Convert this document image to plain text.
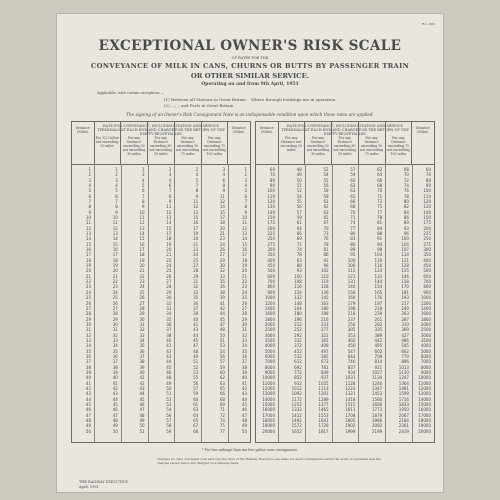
R.L. 003
EXCEPTIONAL OWNER'S RISK SCALE
OF RATES FOR THE
CONVEYANCE OF MILK IN CANS, CHURNS OR BUTTS BY PASSENGER TRAIN
OR OTHER SIMILAR SERVICE.
Operating on and from 9th April, 1951
Applicable, with certain exceptions —
(1) Between all Stations in Great Britain. Where through bookings are in operation.
(2) „ „ „ and Ports in Great Britain.
The signing of an Owner's Risk Consignment Note is an indispensable condition upon which these rates are applied.
RATE FOR CONVEYANCE, INCLUDING STATION AND SERVICE TERMINALS AT EACH END AND CHARGE FOR THE RETURN OF THE EMPTY RECEPTACLES
Distance (Miles)
For 1/2 Gallon not exceeding 20 miles
For any Distance exceeding 20 not exceeding 30 miles
For any Distance exceeding 30 not exceeding 50 miles
For any Distance exceeding 50 not exceeding 75 miles
For any Distance exceeding 75 not exceeding 100 miles
Distance (Miles)
1	1	1	2	2	3	1
2	2	3	3	4	4	2
3	3	4	4	5	6	3
4	4	5	6	7	8	4
5	5	6	7	8	9	5
6	6	7	8	9	11	6
7	7	8	9	11	12	7
8	8	9	11	12	14	8
9	9	10	12	13	15	9
10	10	11	13	15	17	10
11	11	12	14	16	18	11
12	12	13	15	17	20	12
13	13	14	17	19	21	13
14	14	15	18	20	23	14
15	15	16	19	21	24	15
16	16	17	20	23	26	16
17	17	18	21	24	27	17
18	18	19	22	25	29	18
19	19	20	24	27	30	19
20	20	21	25	28	32	20
21	21	22	26	29	33	21
22	22	23	27	31	35	22
23	23	24	28	32	36	23
24	24	25	29	33	38	24
25	25	26	30	35	39	25
26	26	27	32	36	41	26
27	27	28	33	37	42	27
28	28	29	34	39	44	28
29	29	30	35	40	45	29
30	30	31	36	41	47	30
31	31	32	37	43	48	31
32	32	33	38	44	50	32
33	33	34	40	45	51	33
34	34	35	41	47	53	34
35	35	36	42	48	54	35
36	36	37	43	49	56	36
37	37	38	44	51	57	37
38	38	39	45	52	59	38
39	39	40	46	53	60	39
40	40	41	48	55	62	40
41	41	42	49	56	63	41
42	42	43	50	57	65	42
43	43	44	51	59	66	43
44	44	45	52	60	68	44
45	45	46	53	61	69	45
46	46	47	54	63	71	46
47	47	48	56	64	72	47
48	48	49	57	65	74	48
49	49	50	58	67	75	49
50	50	51	59	68	77	50
RATE FOR CONVEYANCE, INCLUDING STATION AND SERVICE TERMINALS AT EACH END AND CHARGE FOR THE RETURN OF THE EMPTY RECEPTACLES
Distance (Miles)
For any Distance not exceeding 20 miles
For any Distance exceeding 20 not exceeding 30 miles
For any Distance exceeding 30 not exceeding 50 miles
For any Distance exceeding 50 not exceeding 75 miles
For any Distance exceeding 75 not exceeding 100 miles
Distance (Miles)
60	48	52	57	62	68	60
70	49	54	59	64	70	70
80	50	55	60	66	72	80
90	51	56	62	68	74	90
100	52	58	63	70	76	100
110	54	59	65	71	78	110
120	55	61	66	73	80	120
130	56	62	68	75	82	130
140	57	63	70	77	84	140
150	59	65	71	78	86	150
175	61	67	74	81	89	175
200	64	70	77	84	93	200
225	66	73	80	88	96	225
250	69	76	83	91	100	250
275	71	78	86	94	104	275
300	74	81	89	98	107	300
350	78	86	95	104	114	350
400	83	91	100	110	121	400
450	88	96	106	116	128	450
500	93	102	112	123	135	500
600	100	110	121	133	146	600
700	108	119	131	144	158	700
800	116	128	140	154	170	800
900	124	136	150	165	181	900
1000	132	145	160	176	193	1000
1200	148	163	179	197	217	1200
1400	164	180	198	218	240	1400
1600	180	198	218	239	263	1600
1800	196	216	237	261	287	1800
2000	212	233	256	282	310	2000
2500	252	277	305	335	369	2500
3000	292	321	353	389	427	3000
3500	332	365	402	442	486	3500
4000	372	409	450	495	545	4000
5000	452	497	547	602	662	5000
6000	532	585	644	708	779	6000
7000	612	673	740	814	896	7000
8000	692	761	837	921	1013	8000
9000	772	849	934	1027	1130	9000
10000	852	937	1031	1134	1247	10000
11000	932	1025	1128	1240	1364	11000
12000	1012	1113	1224	1347	1481	12000
13000	1092	1201	1321	1453	1599	13000
14000	1172	1289	1418	1560	1716	14000
15000	1252	1377	1515	1666	1833	15000
16000	1332	1465	1611	1773	1950	16000
17000	1412	1553	1708	1879	2067	17000
18000	1492	1641	1805	1986	2184	18000
19000	1572	1729	1902	2092	2301	19000
20000	1652	1817	1999	2199	2419	20000
* For less mileage than ten five gallon cans consignment.
Charges for cans consigned over and over the lines of the Railway Executive are made for each consignment and in the event of signature fees the charges shown below are charged on a mileage basis.
THE RAILWAY EXECUTIVE
April, 1951
